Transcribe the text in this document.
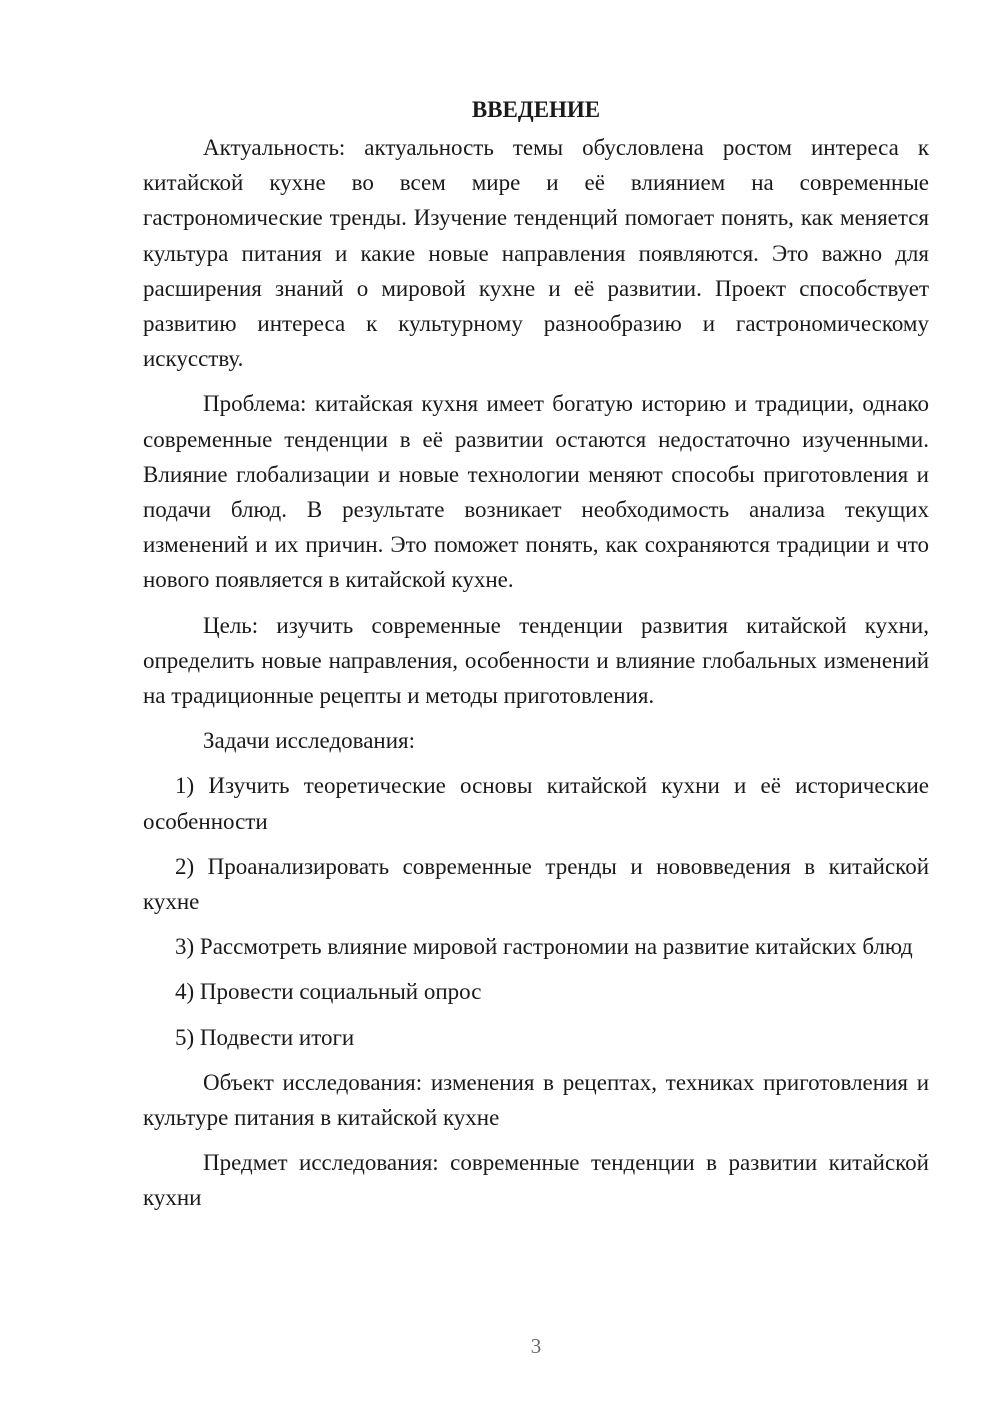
ВВЕДЕНИЕ

Актуальность: актуальность темы обусловлена ростом интереса к китайской кухне во всем мире и её влиянием на современные гастрономические тренды. Изучение тенденций помогает понять, как меняется культура питания и какие новые направления появляются. Это важно для расширения знаний о мировой кухне и её развитии. Проект способствует развитию интереса к культурному разнообразию и гастрономическому искусству.

Проблема: китайская кухня имеет богатую историю и традиции, однако современные тенденции в её развитии остаются недостаточно изученными. Влияние глобализации и новые технологии меняют способы приготовления и подачи блюд. В результате возникает необходимость анализа текущих изменений и их причин. Это поможет понять, как сохраняются традиции и что нового появляется в китайской кухне.

Цель: изучить современные тенденции развития китайской кухни, определить новые направления, особенности и влияние глобальных изменений на традиционные рецепты и методы приготовления.

Задачи исследования:

1) Изучить теоретические основы китайской кухни и её исторические особенности

2) Проанализировать современные тренды и нововведения в китайской кухне

3) Рассмотреть влияние мировой гастрономии на развитие китайских блюд

4) Провести социальный опрос

5) Подвести итоги

Объект исследования: изменения в рецептах, техниках приготовления и культуре питания в китайской кухне

Предмет исследования: современные тенденции в развитии китайской кухни

3
